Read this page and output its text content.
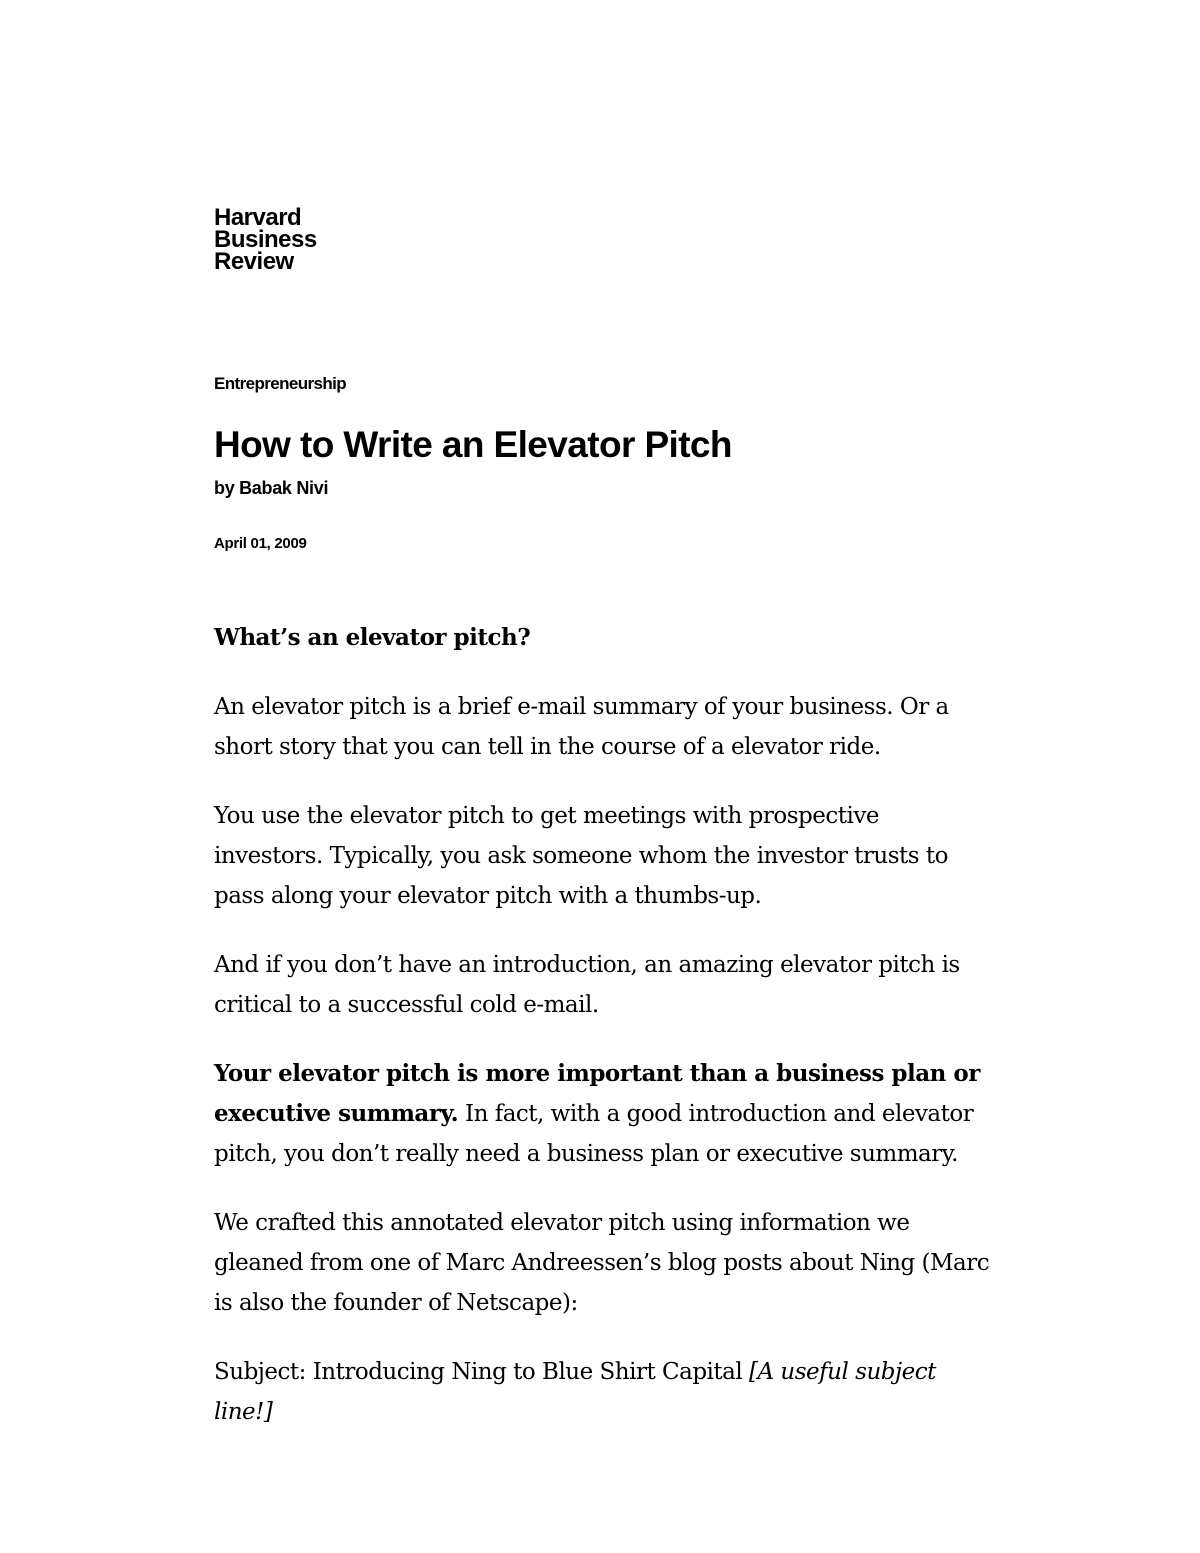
Harvard
Business
Review
Entrepreneurship
How to Write an Elevator Pitch
by Babak Nivi
April 01, 2009

What’s an elevator pitch?

An elevator pitch is a brief e-mail summary of your business. Or a short story that you can tell in the course of a elevator ride.

You use the elevator pitch to get meetings with prospective investors. Typically, you ask someone whom the investor trusts to pass along your elevator pitch with a thumbs-up.

And if you don’t have an introduction, an amazing elevator pitch is critical to a successful cold e-mail.

Your elevator pitch is more important than a business plan or executive summary. In fact, with a good introduction and elevator pitch, you don’t really need a business plan or executive summary.

We crafted this annotated elevator pitch using information we gleaned from one of Marc Andreessen’s blog posts about Ning (Marc is also the founder of Netscape):

Subject: Introducing Ning to Blue Shirt Capital [A useful subject line!]
